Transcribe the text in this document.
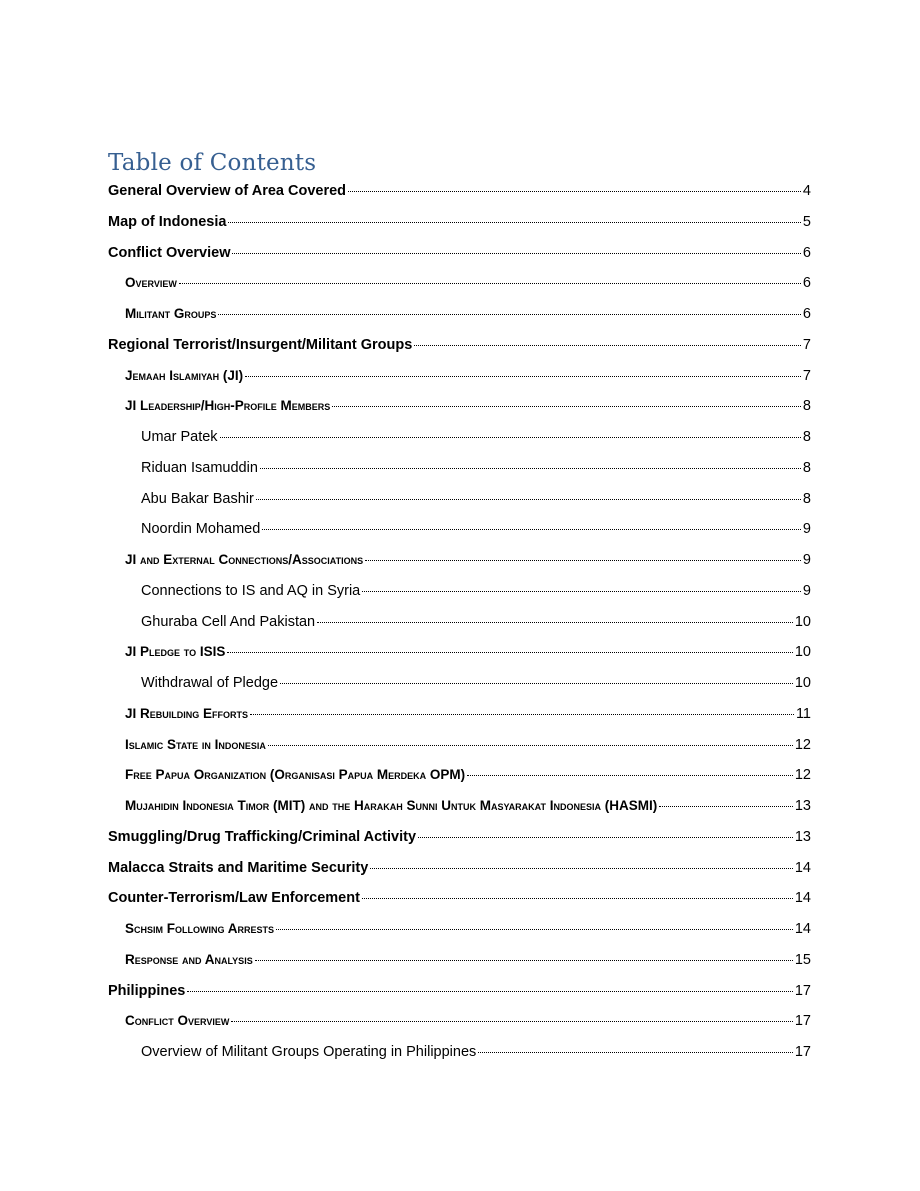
Table of Contents
General Overview of Area Covered	4
Map of Indonesia	5
Conflict Overview	6
Overview	6
Militant Groups	6
Regional Terrorist/Insurgent/Militant Groups	7
Jemaah Islamiyah (JI)	7
JI Leadership/High-Profile Members	8
Umar Patek	8
Riduan Isamuddin	8
Abu Bakar Bashir	8
Noordin Mohamed	9
JI and External Connections/Associations	9
Connections to IS and AQ in Syria	9
Ghuraba Cell And Pakistan	10
JI Pledge to ISIS	10
Withdrawal of Pledge	10
JI Rebuilding Efforts	11
Islamic State in Indonesia	12
Free Papua Organization (Organisasi Papua Merdeka OPM)	12
Mujahidin Indonesia Timor (MIT) and the Harakah Sunni Untuk Masyarakat Indonesia (HASMI)	13
Smuggling/Drug Trafficking/Criminal Activity	13
Malacca Straits and Maritime Security	14
Counter-Terrorism/Law Enforcement	14
Schsim Following Arrests	14
Response and Analysis	15
Philippines	17
Conflict Overview	17
Overview of Militant Groups Operating in Philippines	17
